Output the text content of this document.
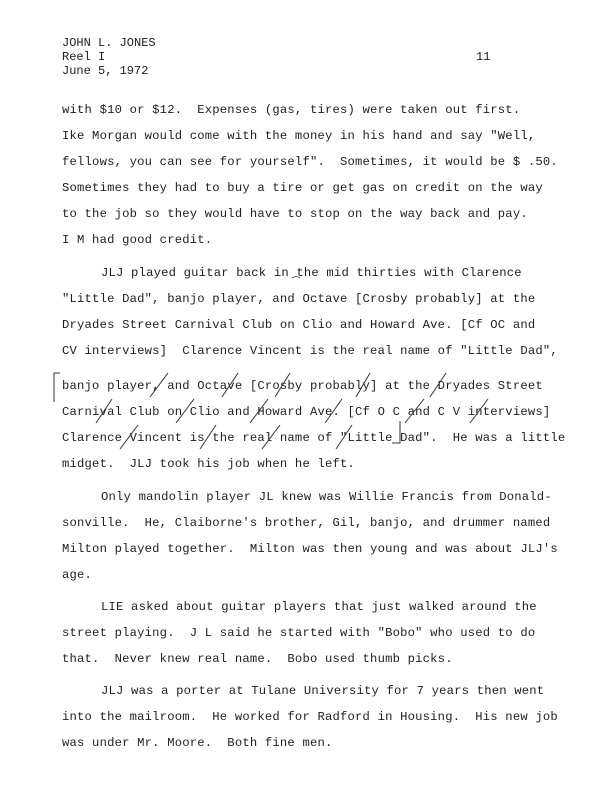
JOHN L. JONES
Reel I
June 5, 1972
11
with $10 or $12.  Expenses (gas, tires) were taken out first.
Ike Morgan would come with the money in his hand and say "Well,
fellows, you can see for yourself".  Sometimes, it would be $ .50.
Sometimes they had to buy a tire or get gas on credit on the way
to the job so they would have to stop on the way back and pay.
I M had good credit.
JLJ played guitar back in the mid thirties with Clarence
"Little Dad", banjo player, and Octave [Crosby probably] at the
Dryades Street Carnival Club on Clio and Howard Ave. [Cf OC and
CV interviews]  Clarence Vincent is the real name of "Little Dad",
banjo player, and Octave [Crosby probably] at the Dryades Street
Carnival Club on Clio and Howard Ave. [Cf O C and C V interviews]
Clarence Vincent is the real name of "Little Dad".  He was a little
midget.  JLJ took his job when he left.
Only mandolin player JL knew was Willie Francis from Donald-
sonville.  He, Claiborne's brother, Gil, banjo, and drummer named
Milton played together.  Milton was then young and was about JLJ's
age.
LIE asked about guitar players that just walked around the
street playing.  J L said he started with "Bobo" who used to do
that.  Never knew real name.  Bobo used thumb picks.
JLJ was a porter at Tulane University for 7 years then went
into the mailroom.  He worked for Radford in Housing.  His new job
was under Mr. Moore.  Both fine men.
